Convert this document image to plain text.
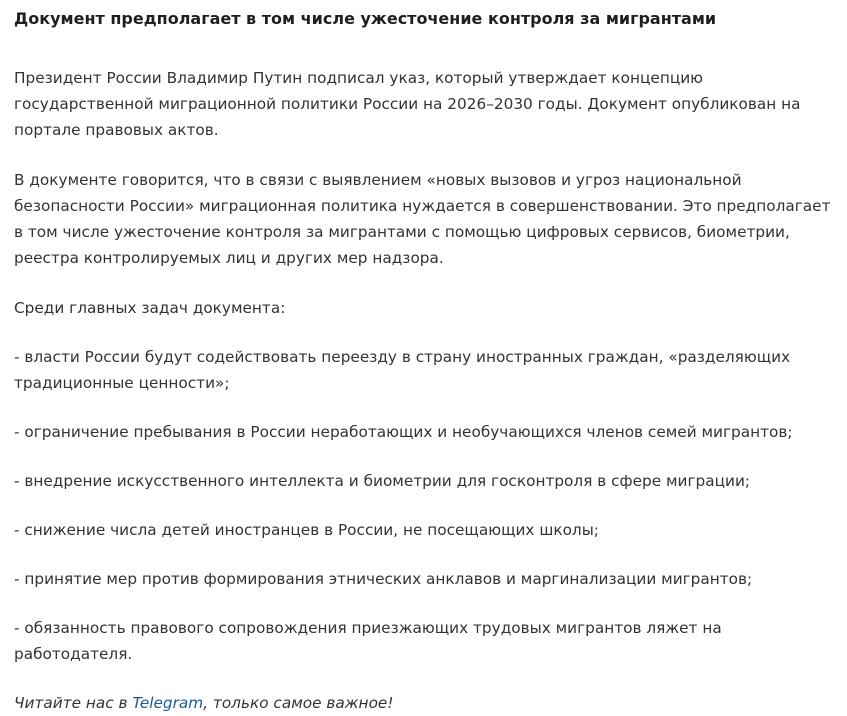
Документ предполагает в том числе ужесточение контроля за мигрантами

Президент России Владимир Путин подписал указ, который утверждает концепцию государственной миграционной политики России на 2026–2030 годы. Документ опубликован на портале правовых актов.

В документе говорится, что в связи с выявлением «новых вызовов и угроз национальной безопасности России» миграционная политика нуждается в совершенствовании. Это предполагает в том числе ужесточение контроля за мигрантами с помощью цифровых сервисов, биометрии, реестра контролируемых лиц и других мер надзора.

Среди главных задач документа:

- власти России будут содействовать переезду в страну иностранных граждан, «разделяющих традиционные ценности»;

- ограничение пребывания в России неработающих и необучающихся членов семей мигрантов;

- внедрение искусственного интеллекта и биометрии для госконтроля в сфере миграции;

- снижение числа детей иностранцев в России, не посещающих школы;

- принятие мер против формирования этнических анклавов и маргинализации мигрантов;

- обязанность правового сопровождения приезжающих трудовых мигрантов ляжет на работодателя.

Читайте нас в Telegram, только самое важное!
